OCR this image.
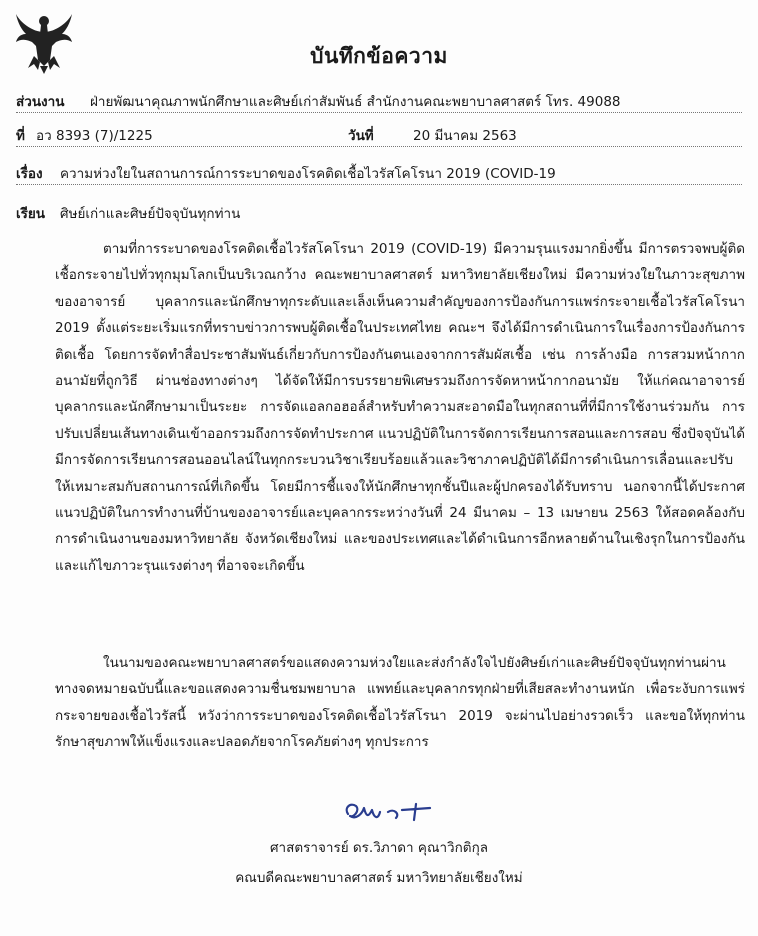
บันทึกข้อความ
ส่วนงาน ฝ่ายพัฒนาคุณภาพนักศึกษาและศิษย์เก่าสัมพันธ์ สำนักงานคณะพยาบาลศาสตร์ โทร. 49088
ที่ อว 8393 (7)/1225	วันที่	20 มีนาคม 2563
เรื่อง ความห่วงใยในสถานการณ์การระบาดของโรคติดเชื้อไวรัสโคโรนา 2019 (COVID-19
เรียน ศิษย์เก่าและศิษย์ปัจจุบันทุกท่าน

ตามที่การระบาดของโรคติดเชื้อไวรัสโคโรนา 2019 (COVID-19) มีความรุนแรงมากยิ่งขึ้น มีการตรวจพบผู้ติดเชื้อกระจายไปทั่วทุกมุมโลกเป็นบริเวณกว้าง คณะพยาบาลศาสตร์ มหาวิทยาลัยเชียงใหม่ มีความห่วงใยในภาวะสุขภาพของอาจารย์ บุคลากรและนักศึกษาทุกระดับและเล็งเห็นความสำคัญของการป้องกันการแพร่กระจายเชื้อไวรัสโคโรนา 2019 ตั้งแต่ระยะเริ่มแรกที่ทราบข่าวการพบผู้ติดเชื้อในประเทศไทย คณะฯ จึงได้มีการดำเนินการในเรื่องการป้องกันการติดเชื้อ โดยการจัดทำสื่อประชาสัมพันธ์เกี่ยวกับการป้องกันตนเองจากการสัมผัสเชื้อ เช่น การล้างมือ การสวมหน้ากากอนามัยที่ถูกวิธี ผ่านช่องทางต่างๆ ได้จัดให้มีการบรรยายพิเศษรวมถึงการจัดหาหน้ากากอนามัย ให้แก่คณาอาจารย์ บุคลากรและนักศึกษามาเป็นระยะ การจัดแอลกอฮอล์สำหรับทำความสะอาดมือในทุกสถานที่ที่มีการใช้งานร่วมกัน การปรับเปลี่ยนเส้นทางเดินเข้าออกรวมถึงการจัดทำประกาศ แนวปฏิบัติในการจัดการเรียนการสอนและการสอบ ซึ่งปัจจุบันได้มีการจัดการเรียนการสอนออนไลน์ในทุกกระบวนวิชาเรียบร้อยแล้วและวิชาภาคปฏิบัติได้มีการดำเนินการเลื่อนและปรับให้เหมาะสมกับสถานการณ์ที่เกิดขึ้น โดยมีการชี้แจงให้นักศึกษาทุกชั้นปีและผู้ปกครองได้รับทราบ นอกจากนี้ได้ประกาศแนวปฏิบัติในการทำงานที่บ้านของอาจารย์และบุคลากรระหว่างวันที่ 24 มีนาคม – 13 เมษายน 2563 ให้สอดคล้องกับการดำเนินงานของมหาวิทยาลัย จังหวัดเชียงใหม่ และของประเทศและได้ดำเนินการอีกหลายด้านในเชิงรุกในการป้องกันและแก้ไขภาวะรุนแรงต่างๆ ที่อาจจะเกิดขึ้น

ในนามของคณะพยาบาลศาสตร์ขอแสดงความห่วงใยและส่งกำลังใจไปยังศิษย์เก่าและศิษย์ปัจจุบันทุกท่านผ่านทางจดหมายฉบับนี้และขอแสดงความชื่นชมพยาบาล แพทย์และบุคลากรทุกฝ่ายที่เสียสละทำงานหนัก เพื่อระงับการแพร่กระจายของเชื้อไวรัสนี้ หวังว่าการระบาดของโรคติดเชื้อไวรัสโรนา 2019 จะผ่านไปอย่างรวดเร็ว และขอให้ทุกท่านรักษาสุขภาพให้แข็งแรงและปลอดภัยจากโรคภัยต่างๆ ทุกประการ

ศาสตราจารย์ ดร.วิภาดา คุณาวิกติกุล
คณบดีคณะพยาบาลศาสตร์ มหาวิทยาลัยเชียงใหม่
